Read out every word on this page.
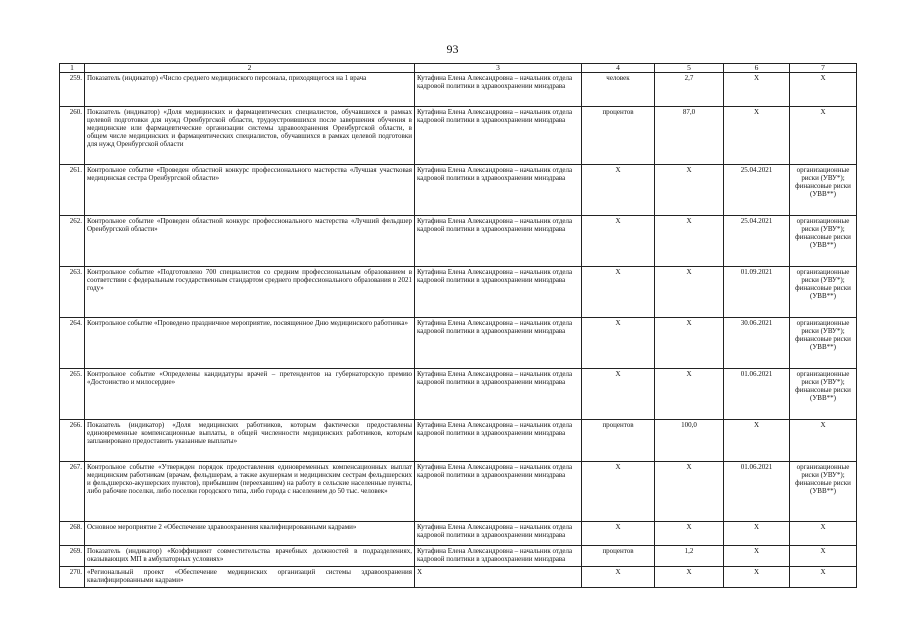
93
1	2	3	4	5	6	7
259.	Показатель (индикатор) «Число среднего медицинского персонала, приходящегося на 1 врача	Кутафина Елена Александровна – начальник отдела кадровой политики в здравоохранении минздрава	человек	2,7	Х	Х
260.	Показатель (индикатор) «Доля медицинских и фармацевтических специалистов, обучавшихся в рамках целевой подготовки для нужд Оренбургской области, трудоустроившихся после завершения обучения в медицинские или фармацевтические организации системы здравоохранения Оренбургской области, в общем числе медицинских и фармацевтических специалистов, обучавшихся в рамках целевой подготовки для нужд Оренбургской области	Кутафина Елена Александровна – начальник отдела кадровой политики в здравоохранении минздрава	процентов	87,0	Х	Х
261.	Контрольное событие «Проведен областной конкурс профессионального мастерства «Лучшая участковая медицинская сестра Оренбургской области»	Кутафина Елена Александровна – начальник отдела кадровой политики в здравоохранении минздрава	Х	Х	25.04.2021	организационные риски (УВУ*); финансовые риски (УВВ**)
262.	Контрольное событие «Проведен областной конкурс профессионального мастерства «Лучший фельдшер Оренбургской области»	Кутафина Елена Александровна – начальник отдела кадровой политики в здравоохранении минздрава	Х	Х	25.04.2021	организационные риски (УВУ*); финансовые риски (УВВ**)
263.	Контрольное событие «Подготовлено 700 специалистов со средним профессиональным образованием в соответствии с федеральным государственным стандартом среднего профессионального образования в 2021 году»	Кутафина Елена Александровна – начальник отдела кадровой политики в здравоохранении минздрава	Х	Х	01.09.2021	организационные риски (УВУ*); финансовые риски (УВВ**)
264.	Контрольное событие «Проведено праздничное мероприятие, посвященное Дню медицинского работника»	Кутафина Елена Александровна – начальник отдела кадровой политики в здравоохранении минздрава	Х	Х	30.06.2021	организационные риски (УВУ*); финансовые риски (УВВ**)
265.	Контрольное событие «Определены кандидатуры врачей – претендентов на губернаторскую премию «Достоинство и милосердие»	Кутафина Елена Александровна – начальник отдела кадровой политики в здравоохранении минздрава	Х	Х	01.06.2021	организационные риски (УВУ*); финансовые риски (УВВ**)
266.	Показатель (индикатор) «Доля медицинских работников, которым фактически предоставлены единовременные компенсационные выплаты, в общей численности медицинских работников, которым запланировано предоставить указанные выплаты»	Кутафина Елена Александровна – начальник отдела кадровой политики в здравоохранении минздрава	процентов	100,0	Х	Х
267.	Контрольное событие «Утвержден порядок предоставления единовременных компенсационных выплат медицинским работникам (врачам, фельдшерам, а также акушеркам и медицинским сестрам фельдшерских и фельдшерско-акушерских пунктов), прибывшим (переехавшим) на работу в сельские населенные пункты, либо рабочие поселки, либо поселки городского типа, либо города с населением до 50 тыс. человек»	Кутафина Елена Александровна – начальник отдела кадровой политики в здравоохранении минздрава	Х	Х	01.06.2021	организационные риски (УВУ*); финансовые риски (УВВ**)
268.	Основное мероприятие 2 «Обеспечение здравоохранения квалифицированными кадрами»	Кутафина Елена Александровна – начальник отдела кадровой политики в здравоохранении минздрава	Х	Х	Х	Х
269.	Показатель (индикатор) «Коэффициент совместительства врачебных должностей в подразделениях, оказывающих МП в амбулаторных условиях»	Кутафина Елена Александровна – начальник отдела кадровой политики в здравоохранении минздрава	процентов	1,2	Х	Х
270.	«Региональный проект «Обеспечение медицинских организаций системы здравоохранения квалифицированными кадрами»	Х	Х	Х	Х	Х
